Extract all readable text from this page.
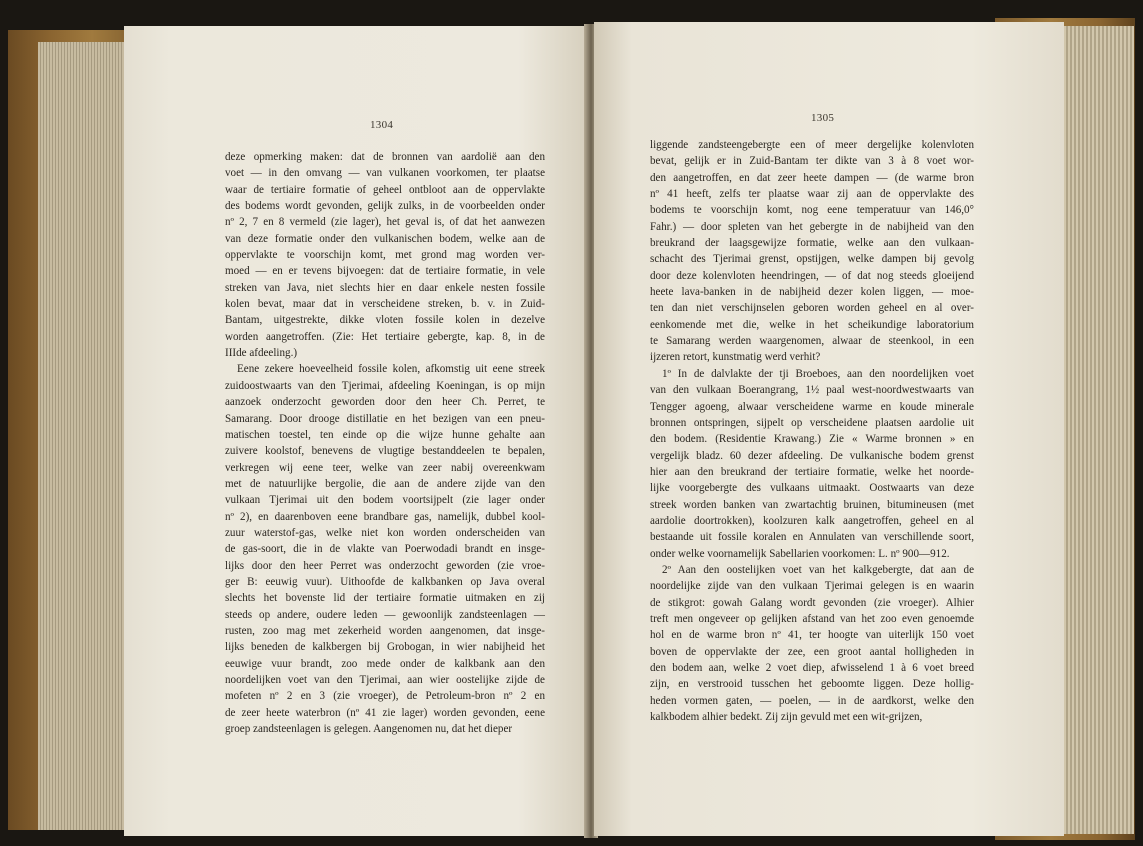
1304
deze opmerking maken: dat de bronnen van aardolië aan den
voet — in den omvang — van vulkanen voorkomen, ter plaatse
waar de tertiaire formatie of geheel ontbloot aan de oppervlakte
des bodems wordt gevonden, gelijk zulks, in de voorbeelden onder
nº 2, 7 en 8 vermeld (zie lager), het geval is, of dat het aanwezen
van deze formatie onder den vulkanischen bodem, welke aan de
oppervlakte te voorschijn komt, met grond mag worden ver-
moed — en er tevens bijvoegen: dat de tertiaire formatie, in vele
streken van Java, niet slechts hier en daar enkele nesten fossile
kolen bevat, maar dat in verscheidene streken, b. v. in Zuid-
Bantam, uitgestrekte, dikke vloten fossile kolen in dezelve
worden aangetroffen. (Zie: Het tertiaire gebergte, kap. 8, in de
IIIde afdeeling.)
Eene zekere hoeveelheid fossile kolen, afkomstig uit eene streek
zuidoostwaarts van den Tjerimai, afdeeling Koeningan, is op mijn
aanzoek onderzocht geworden door den heer Ch. Perret, te
Samarang. Door drooge distillatie en het bezigen van een pneu-
matischen toestel, ten einde op die wijze hunne gehalte aan
zuivere koolstof, benevens de vlugtige bestanddeelen te bepalen,
verkregen wij eene teer, welke van zeer nabij overeenkwam
met de natuurlijke bergolie, die aan de andere zijde van den
vulkaan Tjerimai uit den bodem voortsijpelt (zie lager onder
nº 2), en daarenboven eene brandbare gas, namelijk, dubbel kool-
zuur waterstof-gas, welke niet kon worden onderscheiden van
de gas-soort, die in de vlakte van Poerwodadi brandt en insge-
lijks door den heer Perret was onderzocht geworden (zie vroe-
ger B: eeuwig vuur). Uithoofde de kalkbanken op Java overal
slechts het bovenste lid der tertiaire formatie uitmaken en zij
steeds op andere, oudere leden — gewoonlijk zandsteenlagen —
rusten, zoo mag met zekerheid worden aangenomen, dat insge-
lijks beneden de kalkbergen bij Grobogan, in wier nabijheid het
eeuwige vuur brandt, zoo mede onder de kalkbank aan den
noordelijken voet van den Tjerimai, aan wier oostelijke zijde de
mofeten nº 2 en 3 (zie vroeger), de Petroleum-bron nº 2 en
de zeer heete waterbron (nº 41 zie lager) worden gevonden, eene
groep zandsteenlagen is gelegen. Aangenomen nu, dat het dieper
1305
liggende zandsteengebergte een of meer dergelijke kolenvloten
bevat, gelijk er in Zuid-Bantam ter dikte van 3 à 8 voet wor-
den aangetroffen, en dat zeer heete dampen — (de warme bron
nº 41 heeft, zelfs ter plaatse waar zij aan de oppervlakte des
bodems te voorschijn komt, nog eene temperatuur van 146,0°
Fahr.) — door spleten van het gebergte in de nabijheid van den
breukrand der laagsgewijze formatie, welke aan den vulkaan-
schacht des Tjerimai grenst, opstijgen, welke dampen bij gevolg
door deze kolenvloten heendringen, — of dat nog steeds gloeijend
heete lava-banken in de nabijheid dezer kolen liggen, — moe-
ten dan niet verschijnselen geboren worden geheel en al over-
eenkomende met die, welke in het scheikundige laboratorium
te Samarang werden waargenomen, alwaar de steenkool, in een
ijzeren retort, kunstmatig werd verhit?
1º In de dalvlakte der tji Broeboes, aan den noordelijken voet
van den vulkaan Boerangrang, 1½ paal west-noordwestwaarts van
Tengger agoeng, alwaar verscheidene warme en koude minerale
bronnen ontspringen, sijpelt op verscheidene plaatsen aardolie uit
den bodem. (Residentie Krawang.) Zie « Warme bronnen » en
vergelijk bladz. 60 dezer afdeeling. De vulkanische bodem grenst
hier aan den breukrand der tertiaire formatie, welke het noorde-
lijke voorgebergte des vulkaans uitmaakt. Oostwaarts van deze
streek worden banken van zwartachtig bruinen, bitumineusen (met
aardolie doortrokken), koolzuren kalk aangetroffen, geheel en al
bestaande uit fossile koralen en Annulaten van verschillende soort,
onder welke voornamelijk Sabellarien voorkomen: L. nº 900—912.
2º Aan den oostelijken voet van het kalkgebergte, dat aan de
noordelijke zijde van den vulkaan Tjerimai gelegen is en waarin
de stikgrot: gowah Galang wordt gevonden (zie vroeger). Alhier
treft men ongeveer op gelijken afstand van het zoo even genoemde
hol en de warme bron nº 41, ter hoogte van uiterlijk 150 voet
boven de oppervlakte der zee, een groot aantal holligheden in
den bodem aan, welke 2 voet diep, afwisselend 1 à 6 voet breed
zijn, en verstrooid tusschen het geboomte liggen. Deze hollig-
heden vormen gaten, — poelen, — in de aardkorst, welke den
kalkbodem alhier bedekt. Zij zijn gevuld met een wit-grijzen,
